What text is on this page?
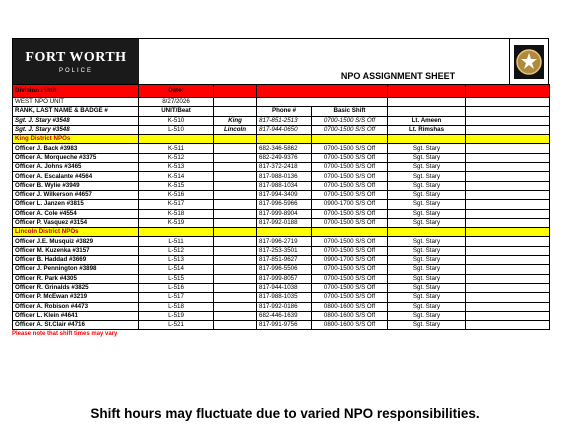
FORT WORTH
POLICE
NPO ASSIGNMENT SHEET
Division / Unit	Date:					
WEST NPO UNIT	8/27/2026					
RANK, LAST NAME & BADGE #	UNIT/Beat		Phone #	Basic Shift		
Sgt. J. Stary #3548	K-510	King	817-851-2513	0700-1500 S/S Off	Lt. Ameen	
Sgt. J. Stary #3548	L-510	Lincoln	817-944-0650	0700-1500 S/S Off	Lt. Rimshas	
King District NPOs						
Officer J. Back #3983	K-511		682-346-5862	0700-1500 S/S Off	Sgt. Stary	
Officer A. Morqueche #3375	K-512		682-249-9376	0700-1500 S/S Off	Sgt. Stary	
Officer A. Johns #3465	K-513		817-372-2418	0700-1500 S/S Off	Sgt. Stary	
Officer A. Escalante #4564	K-514		817-988-0136	0700-1500 S/S Off	Sgt. Stary	
Officer B. Wylie #3949	K-515		817-988-1034	0700-1500 S/S Off	Sgt. Stary	
Officer J. Wilkerson #4657	K-516		817-994-3409	0700-1500 S/S Off	Sgt. Stary	
Officer L. Janzen #3815	K-517		817-996-5966	0900-1700 S/S Off	Sgt. Stary	
Officer A. Cole #4554	K-518		817-999-8904	0700-1500 S/S Off	Sgt. Stary	
Officer P. Vasquez #3154	K-519		817-992-0188	0700-1500 S/S Off	Sgt. Stary	
Lincoln District NPOs						
Officer J.E. Musquiz #3829	L-511		817-996-2719	0700-1500 S/S Off	Sgt. Stary	
Officer M. Kuzenka #3157	L-512		817-253-3501	0700-1500 S/S Off	Sgt. Stary	
Officer B. Haddad #3669	L-513		817-851-9627	0900-1700 S/S Off	Sgt. Stary	
Officer J. Pennington #3898	L-514		817-996-5506	0700-1500 S/S Off	Sgt. Stary	
Officer R. Park #4305	L-515		817-999-8057	0700-1500 S/S Off	Sgt. Stary	
Officer R. Grinalds #3825	L-516		817-944-1038	0700-1500 S/S Off	Sgt. Stary	
Officer P. McEwan #3219	L-517		817-988-1035	0700-1500 S/S Off	Sgt. Stary	
Officer A. Robison #4473	L-518		817-992-0186	0800-1600 S/S Off	Sgt. Stary	
Officer L. Klein #4641	L-519		682-446-1639	0800-1600 S/S Off	Sgt. Stary	
Officer A. St.Clair #4716	L-521		817-991-9756	0800-1600 S/S Off	Sgt. Stary	
Please note that shift times may vary
Shift hours may fluctuate due to varied NPO responsibilities.
